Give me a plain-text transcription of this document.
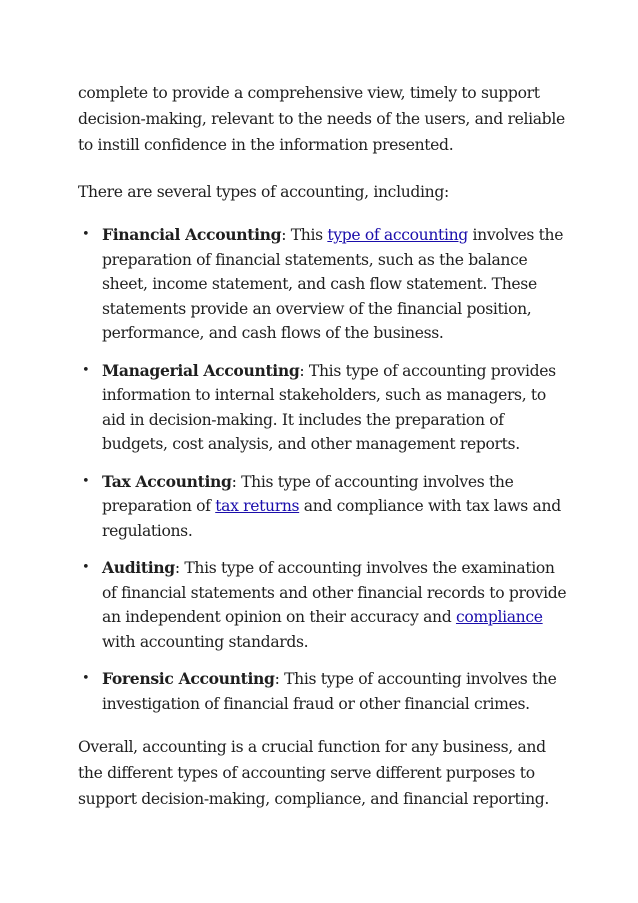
complete to provide a comprehensive view, timely to support decision-making, relevant to the needs of the users, and reliable to instill confidence in the information presented.

There are several types of accounting, including:

• Financial Accounting: This type of accounting involves the preparation of financial statements, such as the balance sheet, income statement, and cash flow statement. These statements provide an overview of the financial position, performance, and cash flows of the business.
• Managerial Accounting: This type of accounting provides information to internal stakeholders, such as managers, to aid in decision-making. It includes the preparation of budgets, cost analysis, and other management reports.
• Tax Accounting: This type of accounting involves the preparation of tax returns and compliance with tax laws and regulations.
• Auditing: This type of accounting involves the examination of financial statements and other financial records to provide an independent opinion on their accuracy and compliance with accounting standards.
• Forensic Accounting: This type of accounting involves the investigation of financial fraud or other financial crimes.

Overall, accounting is a crucial function for any business, and the different types of accounting serve different purposes to support decision-making, compliance, and financial reporting.
